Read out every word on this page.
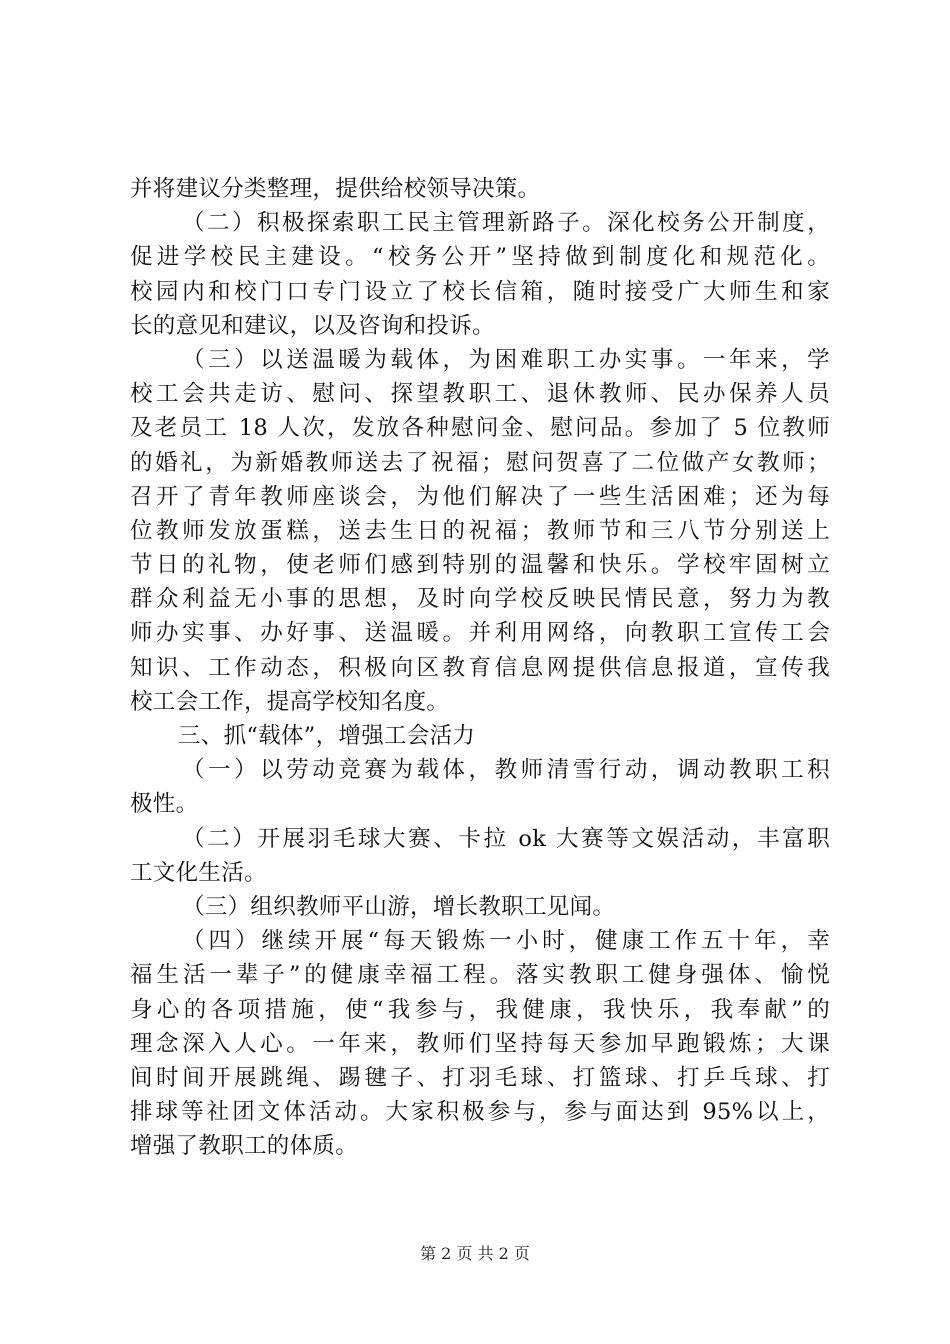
并将建议分类整理，提供给校领导决策。
（二）积极探索职工民主管理新路子。深化校务公开制度，
促进学校民主建设。“校务公开”坚持做到制度化和规范化。
校园内和校门口专门设立了校长信箱，随时接受广大师生和家
长的意见和建议，以及咨询和投诉。
（三）以送温暖为载体，为困难职工办实事。一年来，学
校工会共走访、慰问、探望教职工、退休教师、民办保养人员
及老员工 18 人次，发放各种慰问金、慰问品。参加了 5 位教师
的婚礼，为新婚教师送去了祝福；慰问贺喜了二位做产女教师；
召开了青年教师座谈会，为他们解决了一些生活困难；还为每
位教师发放蛋糕，送去生日的祝福；教师节和三八节分别送上
节日的礼物，使老师们感到特别的温馨和快乐。学校牢固树立
群众利益无小事的思想，及时向学校反映民情民意，努力为教
师办实事、办好事、送温暖。并利用网络，向教职工宣传工会
知识、工作动态，积极向区教育信息网提供信息报道，宣传我
校工会工作，提高学校知名度。
三、抓“载体”，增强工会活力
（一）以劳动竞赛为载体，教师清雪行动，调动教职工积
极性。
（二）开展羽毛球大赛、卡拉 ok 大赛等文娱活动，丰富职
工文化生活。
（三）组织教师平山游，增长教职工见闻。
（四）继续开展“每天锻炼一小时，健康工作五十年，幸
福生活一辈子”的健康幸福工程。落实教职工健身强体、愉悦
身心的各项措施，使“我参与，我健康，我快乐，我奉献”的
理念深入人心。一年来，教师们坚持每天参加早跑锻炼；大课
间时间开展跳绳、踢毽子、打羽毛球、打篮球、打乒乓球、打
排球等社团文体活动。大家积极参与，参与面达到 95%以上，
增强了教职工的体质。
第 2 页 共 2 页
